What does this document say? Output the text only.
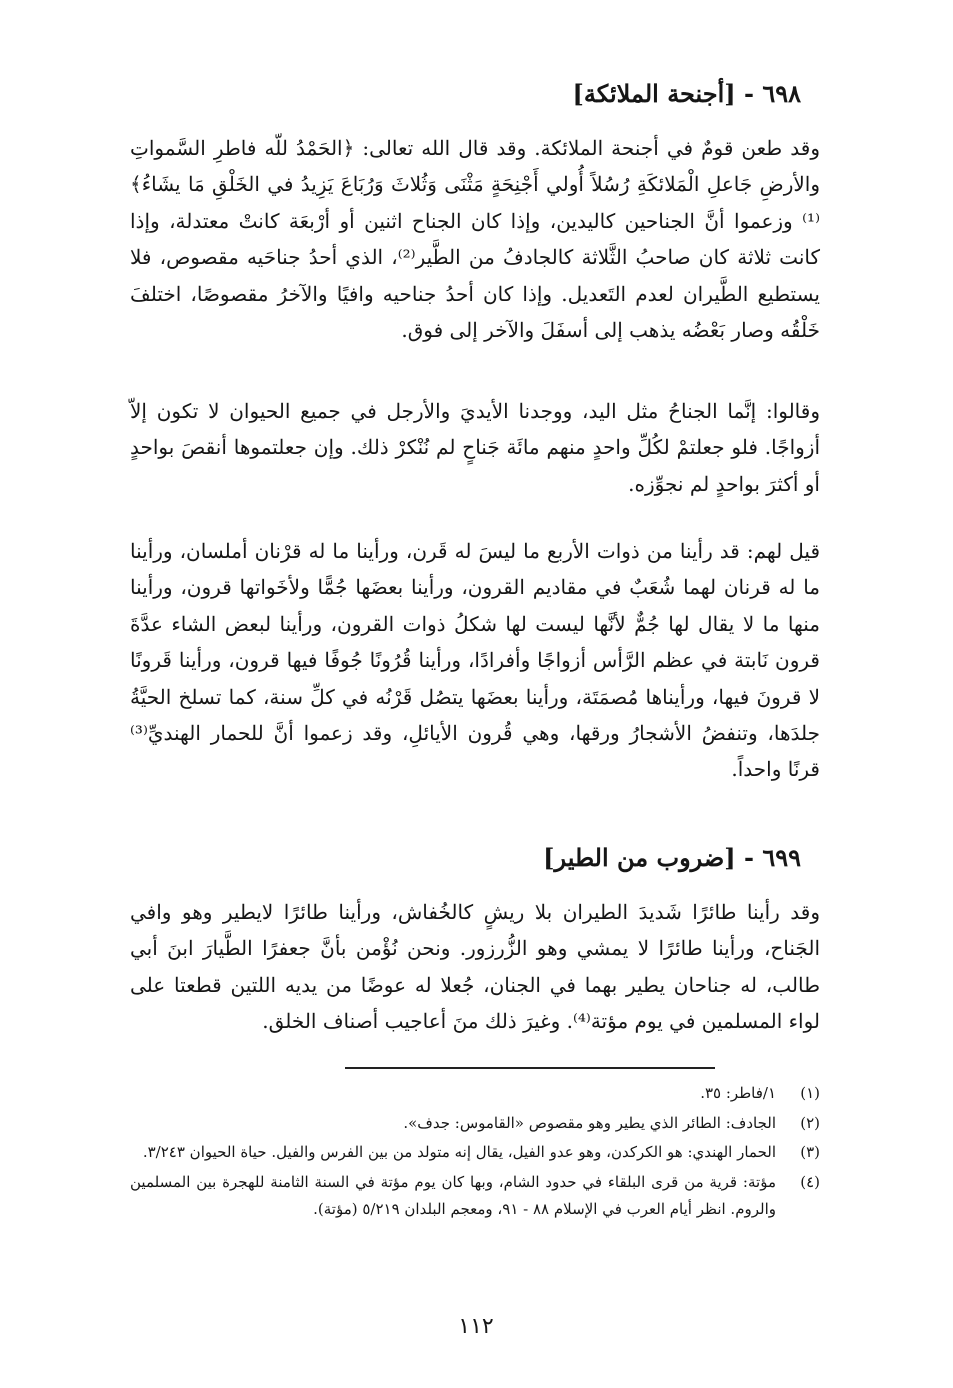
٦٩٨ - [أجنحة الملائكة]

وقد طعن قومٌ في أجنحة الملائكة. وقد قال الله تعالى: ﴿الحَمْدُ للّه فاطرِ السَّمواتِ والأرضِ جَاعلِ الْمَلائكَةِ رُسُلاً أُولي أَجْنِحَةٍ مَثْنَى وَثُلاثَ وَرُبَاعَ يَزِيدُ في الخَلْقِ مَا يشَاءُ﴾⁽¹⁾ وزعموا أنَّ الجناحين كاليدين، وإذا كان الجناح اثنين أو أرْبعَة كانتْ معتدلة، وإذا كانت ثلاثة كان صاحبُ الثَّلاثة كالجادفُ من الطَّير⁽²⁾، الذي أحدُ جناحَيه مقصوص، فلا يستطيع الطَّيران لعدم التَعديل. وإذا كان أحدُ جناحيه وافيًا والآخرُ مقصوصًا، اختلفَ خَلْقُه وصار بَعْضُه يذهب إلى أسفَلَ والآخر إلى فوق.

وقالوا: إنَّما الجناحُ مثل اليد، ووجدنا الأيديَ والأرجل في جميع الحيوان لا تكون إلاّ أزواجًا. فلو جعلتمْ لكُلِّ واحدٍ منهم مائَة جَناحٍ لم نُنْكرْ ذلك. وإن جعلتموها أنقصَ بواحدٍ أو أكثرَ بواحدٍ لم نجوِّزه.

قيل لهم: قد رأينا من ذوات الأربع ما ليسَ له قَرن، ورأينا ما له قرْنان أملسان، ورأينا ما له قرنان لهما شُعَبٌ في مقاديم القرون، ورأينا بعضَها جُمًّا ولأخَواتها قرون، ورأينا منها ما لا يقال لها جُمٌّ لأنَّها ليست لها شكلُ ذوات القرون، ورأينا لبعض الشاء عدَّةَ قرون نَابتة في عظم الرَّأس أزواجًا وأفرادًا، ورأينا قُرُونًا جُوفًا فيها قرون، ورأينا قَرونًا لا قرونَ فيها، ورأيناها مُصمَتَة، ورأينا بعضَها يتصُل قَرْنُه في كلِّ سنة، كما تسلخ الحيَّةُ جلدَها، وتنفضُ الأشجارُ ورقها، وهي قُرون الأيائلِ، وقد زعموا أنَّ للحمار الهنديِّ⁽³⁾ قرنًا واحداً.

٦٩٩ - [ضروب من الطير]

وقد رأينا طائرًا شَديدَ الطيران بلا ريشٍ كالخُفاش، ورأينا طائرًا لايطير وهو وافي الجَناح، ورأينا طائرًا لا يمشي وهو الزُّرزور. ونحن نُؤْمن بأنَّ جعفرًا الطَّيارَ ابنَ أبي طالب، له جناحان يطير بهما في الجنان، جُعلا له عوضًا من يديه اللتين قطعتا على لواء المسلمين في يوم مؤتة⁽⁴⁾. وغيرَ ذلك منَ أعاجيب أصناف الخلق.

(١)
١/فاطر: ٣٥.
(٢)
الجادف: الطائر الذي يطير وهو مقصوص «القاموس: جدف».
(٣)
الحمار الهندي: هو الكركدن، وهو عدو الفيل، يقال إنه متولد من بين الفرس والفيل. حياة الحيوان ٣/٢٤٣.
(٤)
مؤتة: قرية من قرى البلقاء في حدود الشام، وبها كان يوم مؤتة في السنة الثامنة للهجرة بين المسلمين والروم. انظر أيام العرب في الإسلام ٨٨ - ٩١، ومعجم البلدان ٥/٢١٩ (مؤتة).
١١٢
